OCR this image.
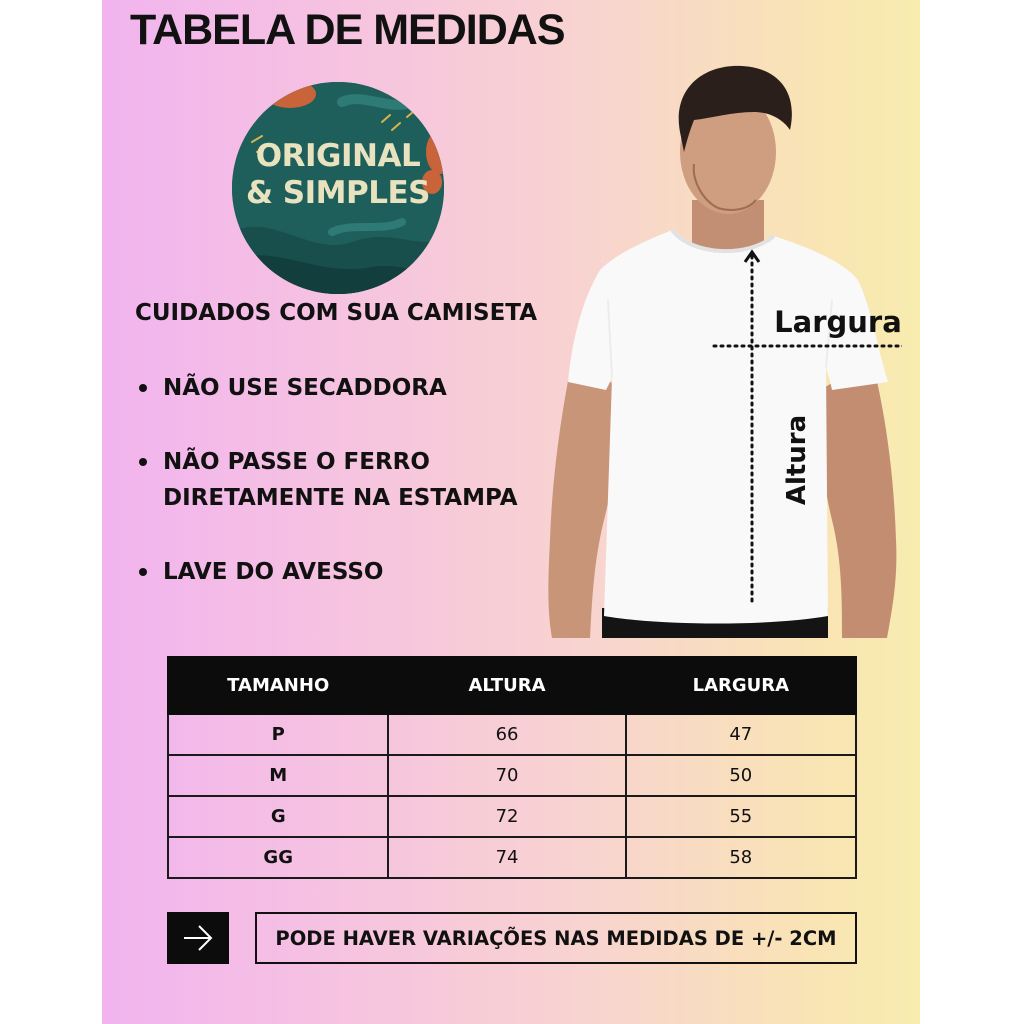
TABELA DE MEDIDAS
ORIGINAL
& SIMPLES
CUIDADOS COM SUA CAMISETA
NÃO USE SECADDORA
NÃO PASSE O FERRO
DIRETAMENTE NA ESTAMPA
LAVE DO AVESSO
Largura
Altura
TAMANHO	ALTURA	LARGURA
P	66	47
M	70	50
G	72	55
GG	74	58
PODE HAVER VARIAÇÕES NAS MEDIDAS DE +/- 2CM
